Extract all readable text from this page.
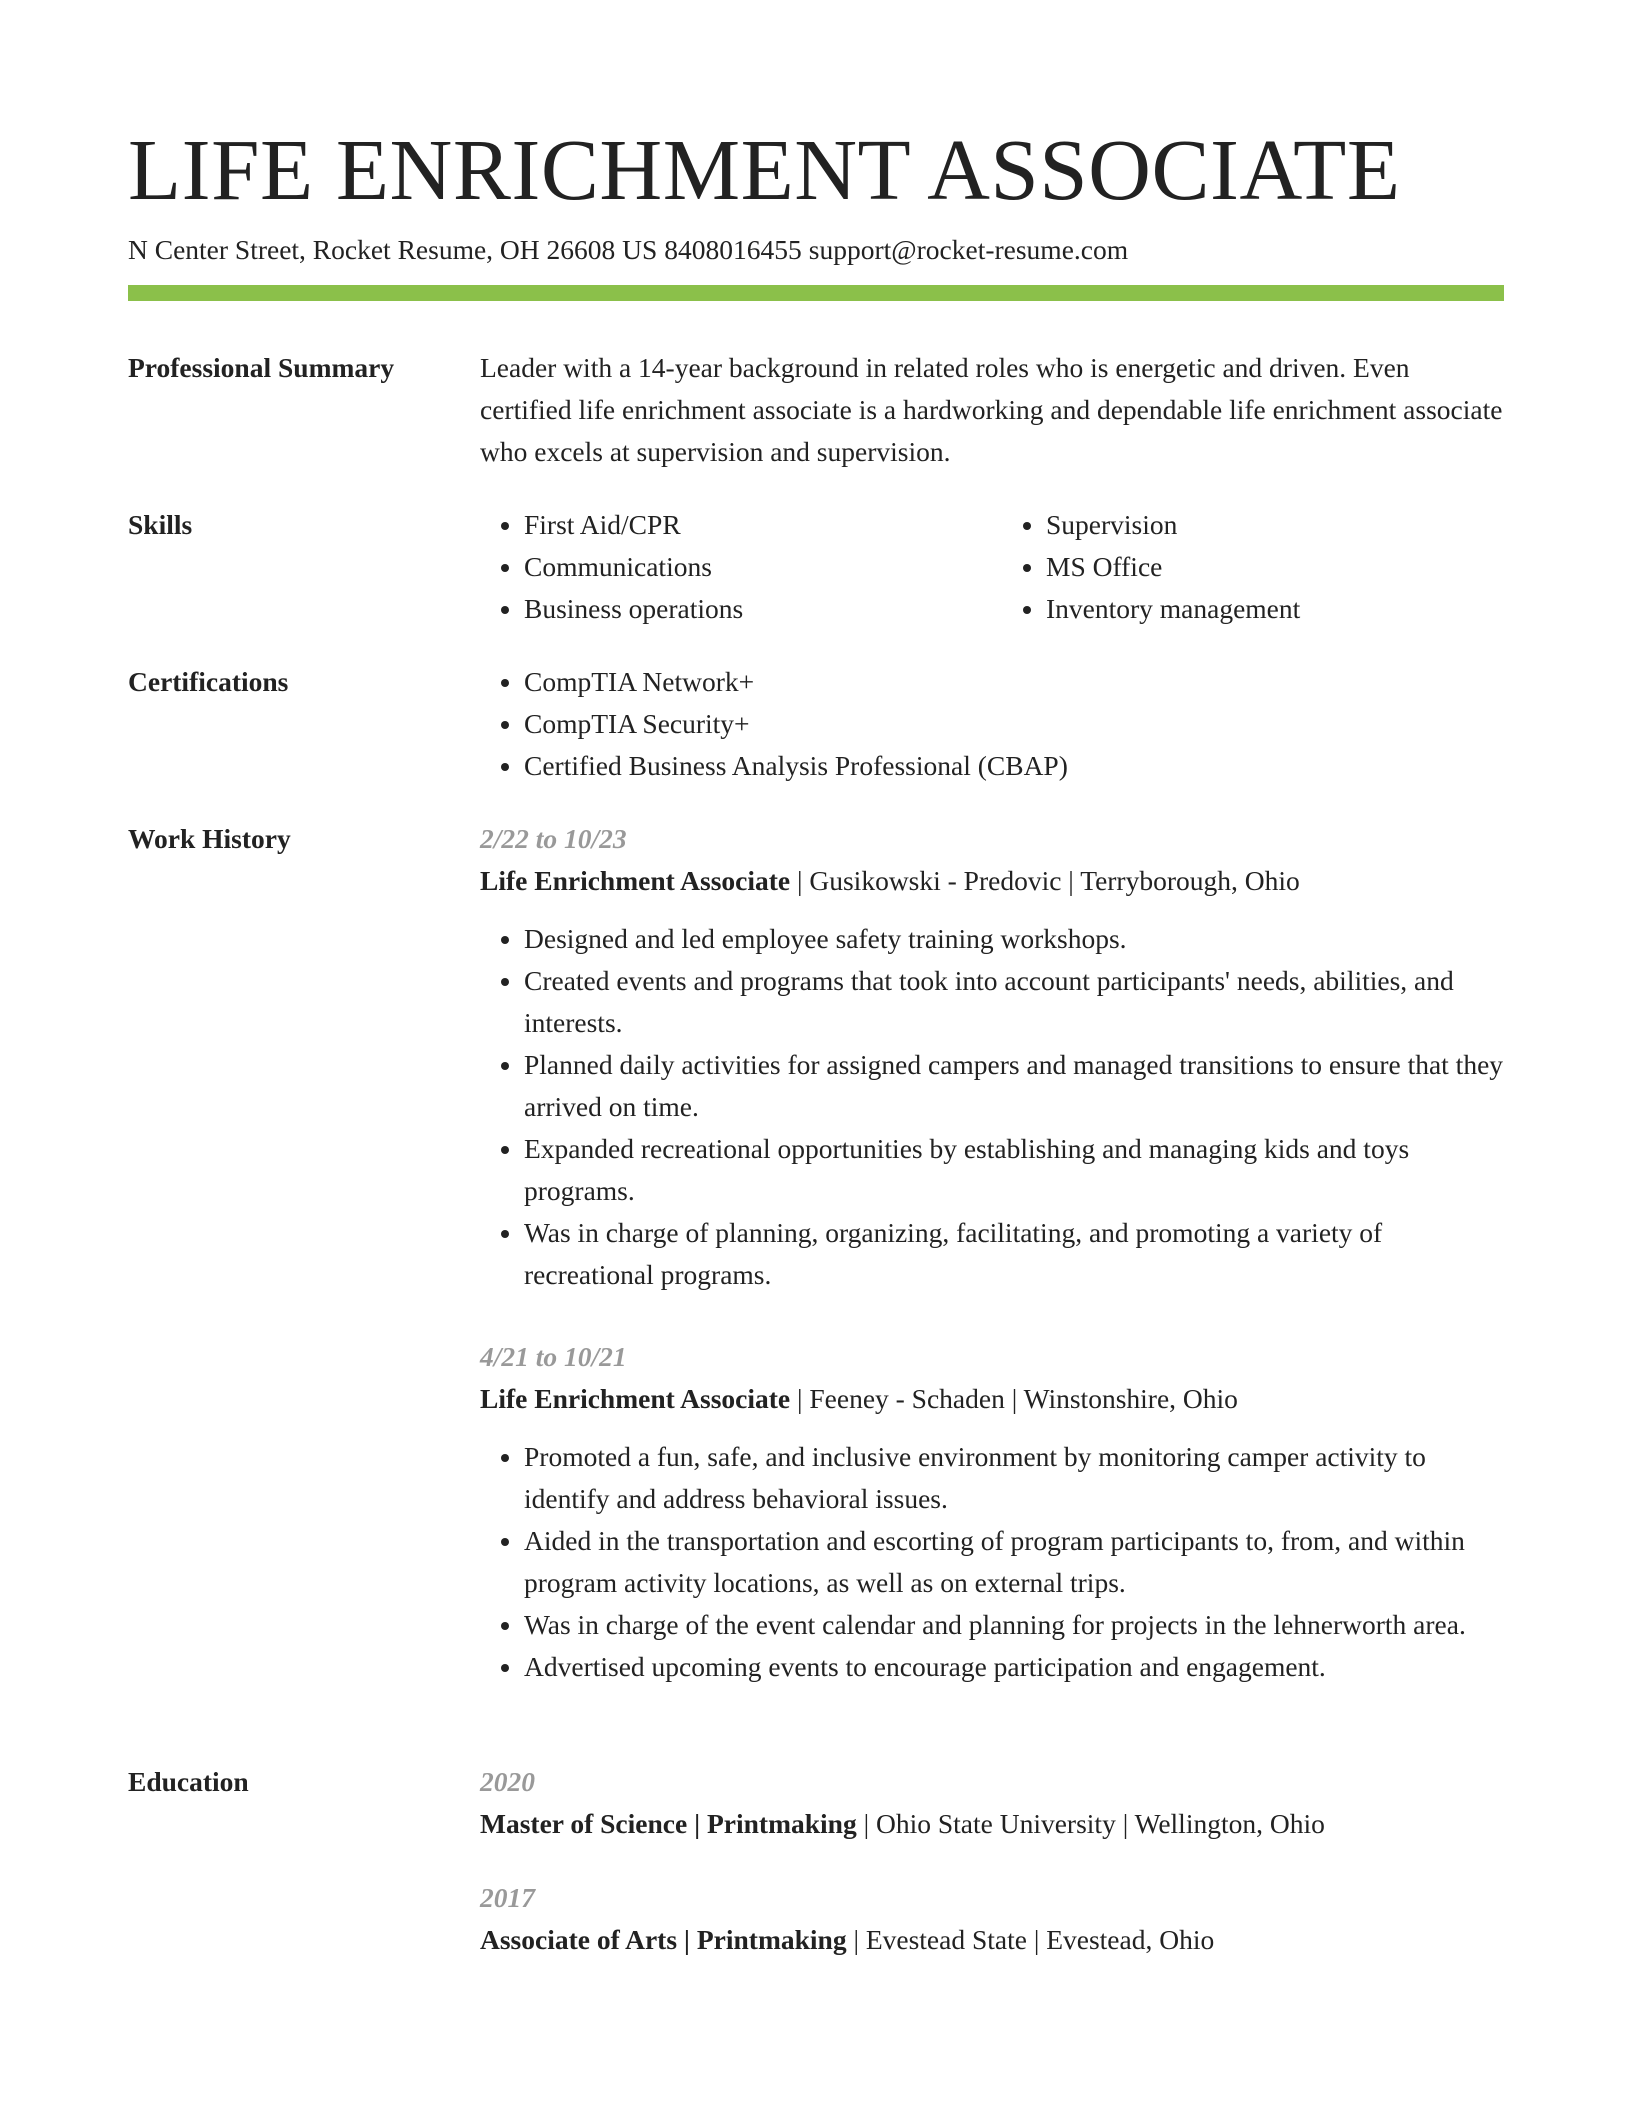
LIFE ENRICHMENT ASSOCIATE
N Center Street, Rocket Resume, OH 26608 US 8408016455 support@rocket-resume.com
Professional Summary	Leader with a 14-year background in related roles who is energetic and driven. Even certified life enrichment associate is a hardworking and dependable life enrichment associate who excels at supervision and supervision.

Skills	• First Aid/CPR
• Communications
• Business operations
• Supervision
• MS Office
• Inventory management
Certifications	• CompTIA Network+
• CompTIA Security+
• Certified Business Analysis Professional (CBAP)
Work History	2/22 to 10/23
Life Enrichment Associate | Gusikowski - Predovic | Terryborough, Ohio
• Designed and led employee safety training workshops.
• Created events and programs that took into account participants' needs, abilities, and interests.
• Planned daily activities for assigned campers and managed transitions to ensure that they arrived on time.
• Expanded recreational opportunities by establishing and managing kids and toys programs.
• Was in charge of planning, organizing, facilitating, and promoting a variety of recreational programs.
4/21 to 10/21
Life Enrichment Associate | Feeney - Schaden | Winstonshire, Ohio
• Promoted a fun, safe, and inclusive environment by monitoring camper activity to identify and address behavioral issues.
• Aided in the transportation and escorting of program participants to, from, and within program activity locations, as well as on external trips.
• Was in charge of the event calendar and planning for projects in the lehnerworth area.
• Advertised upcoming events to encourage participation and engagement.
Education	2020
Master of Science | Printmaking | Ohio State University | Wellington, Ohio
2017
Associate of Arts | Printmaking | Evestead State | Evestead, Ohio
